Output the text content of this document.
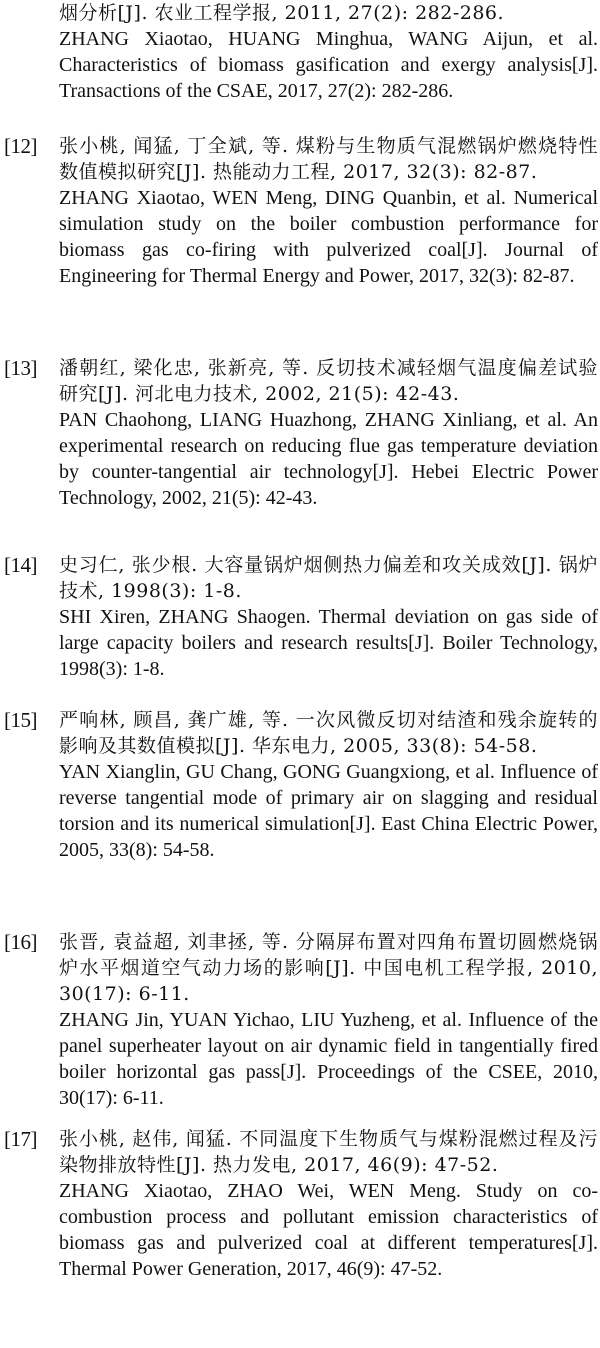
烟分析[J]. 农业工程学报, 2011, 27(2): 282-286.

ZHANG Xiaotao, HUANG Minghua, WANG Aijun, et al. Characteristics of biomass gasification and exergy analysis[J]. Transactions of the CSAE, 2017, 27(2): 282-286.

[12] 张小桃, 闻猛, 丁全斌, 等. 煤粉与生物质气混燃锅炉燃烧特性数值模拟研究[J]. 热能动力工程, 2017, 32(3): 82-87.

ZHANG Xiaotao, WEN Meng, DING Quanbin, et al. Numerical simulation study on the boiler combustion performance for biomass gas co-firing with pulverized coal[J]. Journal of Engineering for Thermal Energy and Power, 2017, 32(3): 82-87.

[13] 潘朝红, 梁化忠, 张新亮, 等. 反切技术减轻烟气温度偏差试验研究[J]. 河北电力技术, 2002, 21(5): 42-43.

PAN Chaohong, LIANG Huazhong, ZHANG Xinliang, et al. An experimental research on reducing flue gas temperature deviation by counter-tangential air technology[J]. Hebei Electric Power Technology, 2002, 21(5): 42-43.

[14] 史习仁, 张少根. 大容量锅炉烟侧热力偏差和攻关成效[J]. 锅炉技术, 1998(3): 1-8.

SHI Xiren, ZHANG Shaogen. Thermal deviation on gas side of large capacity boilers and research results[J]. Boiler Technology, 1998(3): 1-8.

[15] 严响林, 顾昌, 龚广雄, 等. 一次风微反切对结渣和残余旋转的影响及其数值模拟[J]. 华东电力, 2005, 33(8): 54-58.

YAN Xianglin, GU Chang, GONG Guangxiong, et al. Influence of reverse tangential mode of primary air on slagging and residual torsion and its numerical simulation[J]. East China Electric Power, 2005, 33(8): 54-58.

[16] 张晋, 袁益超, 刘聿拯, 等. 分隔屏布置对四角布置切圆燃烧锅炉水平烟道空气动力场的影响[J]. 中国电机工程学报, 2010, 30(17): 6-11.

ZHANG Jin, YUAN Yichao, LIU Yuzheng, et al. Influence of the panel superheater layout on air dynamic field in tangentially fired boiler horizontal gas pass[J]. Proceedings of the CSEE, 2010, 30(17): 6-11.

[17] 张小桃, 赵伟, 闻猛. 不同温度下生物质气与煤粉混燃过程及污染物排放特性[J]. 热力发电, 2017, 46(9): 47-52.

ZHANG Xiaotao, ZHAO Wei, WEN Meng. Study on co-combustion process and pollutant emission characteristics of biomass gas and pulverized coal at different temperatures[J]. Thermal Power Generation, 2017, 46(9): 47-52.
